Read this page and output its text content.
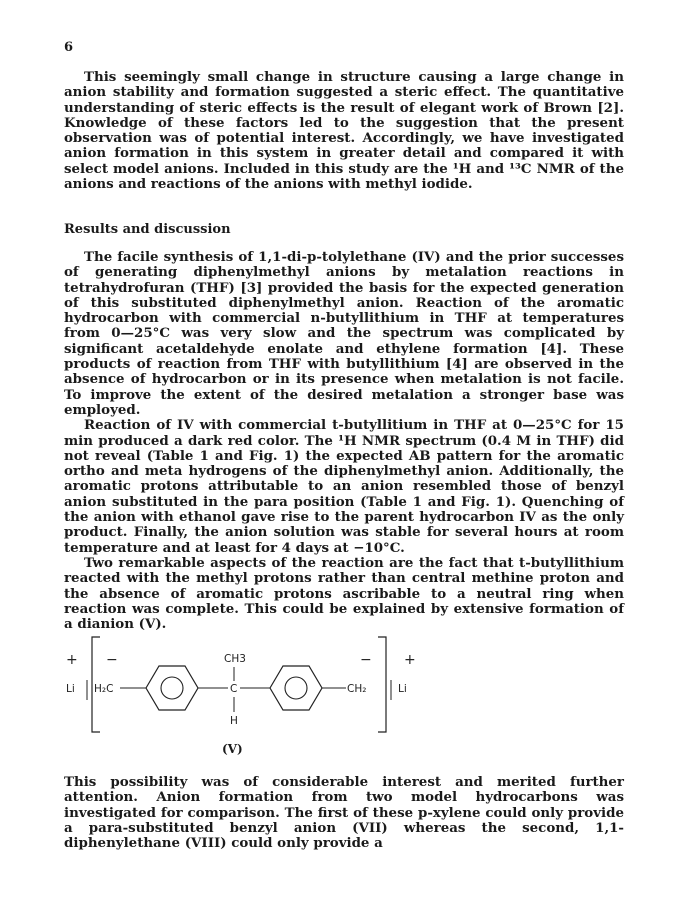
6

This seemingly small change in structure causing a large change in anion stability and formation suggested a steric effect. The quantitative understanding of steric effects is the result of elegant work of Brown [2]. Knowledge of these factors led to the suggestion that the present observation was of potential interest. Accordingly, we have investigated anion formation in this system in greater detail and compared it with select model anions. Included in this study are the ¹H and ¹³C NMR of the anions and reactions of the anions with methyl iodide.

Results and discussion

The facile synthesis of 1,1-di-p-tolylethane (IV) and the prior successes of generating diphenylmethyl anions by metalation reactions in tetrahydrofuran (THF) [3] provided the basis for the expected generation of this substituted diphenylmethyl anion. Reaction of the aromatic hydrocarbon with commercial n-butyllithium in THF at temperatures from 0—25°C was very slow and the spectrum was complicated by significant acetaldehyde enolate and ethylene formation [4]. These products of reaction from THF with butyllithium [4] are observed in the absence of hydrocarbon or in its presence when metalation is not facile. To improve the extent of the desired metalation a stronger base was employed.

Reaction of IV with commercial t-butyllitium in THF at 0—25°C for 15 min produced a dark red color. The ¹H NMR spectrum (0.4 M in THF) did not reveal (Table 1 and Fig. 1) the expected AB pattern for the aromatic ortho and meta hydrogens of the diphenylmethyl anion. Additionally, the aromatic protons attributable to an anion resembled those of benzyl anion substituted in the para position (Table 1 and Fig. 1). Quenching of the anion with ethanol gave rise to the parent hydrocarbon IV as the only product. Finally, the anion solution was stable for several hours at room temperature and at least for 4 days at −10°C.

Two remarkable aspects of the reaction are the fact that t-butyllithium reacted with the methyl protons rather than central methine proton and the absence of aromatic protons ascribable to a neutral ring when reaction was complete. This could be explained by extensive formation of a dianion (V).

+	+
−	−
Li	Li
H₂C
CH3
C
H
CH₂
(V)

This possibility was of considerable interest and merited further attention. Anion formation from two model hydrocarbons was investigated for comparison. The first of these p-xylene could only provide a para-substituted benzyl anion (VII) whereas the second, 1,1-diphenylethane (VIII) could only provide a
